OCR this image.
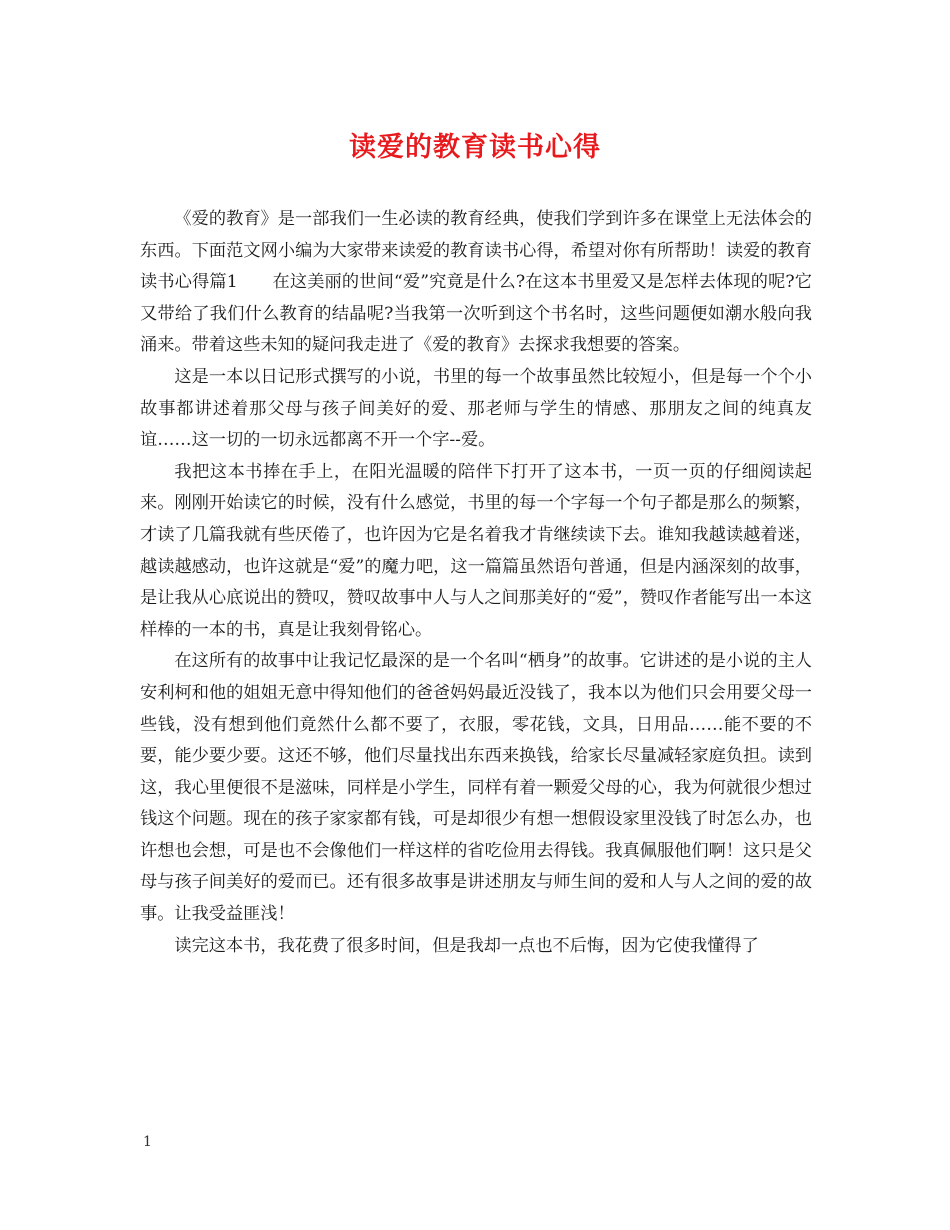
读爱的教育读书心得

《爱的教育》是一部我们一生必读的教育经典，使我们学到许多在课堂上无法体会的东西。下面范文网小编为大家带来读爱的教育读书心得，希望对你有所帮助！读爱的教育读书心得篇1　　在这美丽的世间“爱”究竟是什么?在这本书里爱又是怎样去体现的呢?它又带给了我们什么教育的结晶呢?当我第一次听到这个书名时，这些问题便如潮水般向我涌来。带着这些未知的疑问我走进了《爱的教育》去探求我想要的答案。

这是一本以日记形式撰写的小说，书里的每一个故事虽然比较短小，但是每一个个小故事都讲述着那父母与孩子间美好的爱、那老师与学生的情感、那朋友之间的纯真友谊……这一切的一切永远都离不开一个字--爱。

我把这本书捧在手上，在阳光温暖的陪伴下打开了这本书，一页一页的仔细阅读起来。刚刚开始读它的时候，没有什么感觉，书里的每一个字每一个句子都是那么的频繁，才读了几篇我就有些厌倦了，也许因为它是名着我才肯继续读下去。谁知我越读越着迷，越读越感动，也许这就是“爱”的魔力吧，这一篇篇虽然语句普通，但是内涵深刻的故事，是让我从心底说出的赞叹，赞叹故事中人与人之间那美好的“爱”，赞叹作者能写出一本这样棒的一本的书，真是让我刻骨铭心。

在这所有的故事中让我记忆最深的是一个名叫“栖身”的故事。它讲述的是小说的主人安利柯和他的姐姐无意中得知他们的爸爸妈妈最近没钱了，我本以为他们只会用要父母一些钱，没有想到他们竟然什么都不要了，衣服，零花钱，文具，日用品……能不要的不要，能少要少要。这还不够，他们尽量找出东西来换钱，给家长尽量减轻家庭负担。读到这，我心里便很不是滋味，同样是小学生，同样有着一颗爱父母的心，我为何就很少想过钱这个问题。现在的孩子家家都有钱，可是却很少有想一想假设家里没钱了时怎么办，也许想也会想，可是也不会像他们一样这样的省吃俭用去得钱。我真佩服他们啊！这只是父母与孩子间美好的爱而已。还有很多故事是讲述朋友与师生间的爱和人与人之间的爱的故事。让我受益匪浅！

读完这本书，我花费了很多时间，但是我却一点也不后悔，因为它使我懂得了

1
